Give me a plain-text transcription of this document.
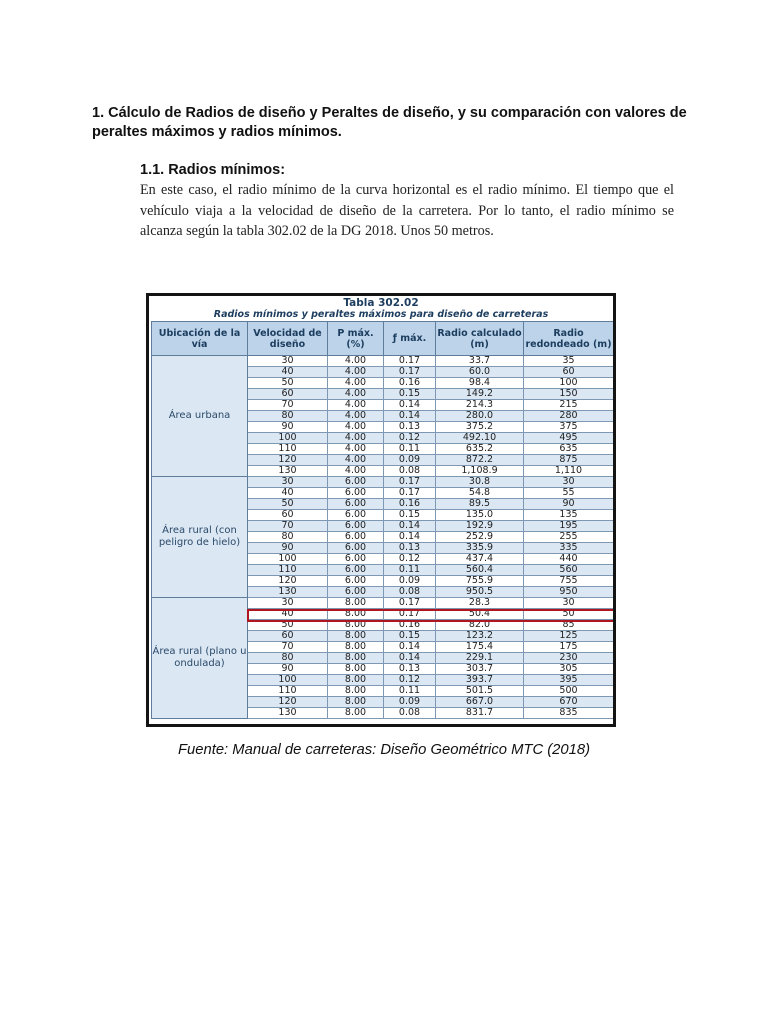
1. Cálculo de Radios de diseño y Peraltes de diseño, y su comparación con valores de peraltes máximos y radios mínimos.
1.1. Radios mínimos:

En este caso, el radio mínimo de la curva horizontal es el radio mínimo. El tiempo que el vehículo viaja a la velocidad de diseño de la carretera. Por lo tanto, el radio mínimo se alcanza según la tabla 302.02 de la DG 2018. Unos 50 metros.

Tabla 302.02
Radios mínimos y peraltes máximos para diseño de carreteras
Ubicación de la vía	Velocidad de diseño	P máx. (%)	ƒ máx.	Radio calculado (m)	Radio redondeado (m)
Área urbana	30	4.00	0.17	33.7	35
	40	4.00	0.17	60.0	60
	50	4.00	0.16	98.4	100
	60	4.00	0.15	149.2	150
	70	4.00	0.14	214.3	215
	80	4.00	0.14	280.0	280
	90	4.00	0.13	375.2	375
	100	4.00	0.12	492.10	495
	110	4.00	0.11	635.2	635
	120	4.00	0.09	872.2	875
	130	4.00	0.08	1,108.9	1,110
Área rural (con peligro de hielo)	30	6.00	0.17	30.8	30
	40	6.00	0.17	54.8	55
	50	6.00	0.16	89.5	90
	60	6.00	0.15	135.0	135
	70	6.00	0.14	192.9	195
	80	6.00	0.14	252.9	255
	90	6.00	0.13	335.9	335
	100	6.00	0.12	437.4	440
	110	6.00	0.11	560.4	560
	120	6.00	0.09	755.9	755
	130	6.00	0.08	950.5	950
Área rural (plano u ondulada)	30	8.00	0.17	28.3	30
	40	8.00	0.17	50.4	50
	50	8.00	0.16	82.0	85
	60	8.00	0.15	123.2	125
	70	8.00	0.14	175.4	175
	80	8.00	0.14	229.1	230
	90	8.00	0.13	303.7	305
	100	8.00	0.12	393.7	395
	110	8.00	0.11	501.5	500
	120	8.00	0.09	667.0	670
	130	8.00	0.08	831.7	835
Fuente: Manual de carreteras: Diseño Geométrico MTC (2018)
